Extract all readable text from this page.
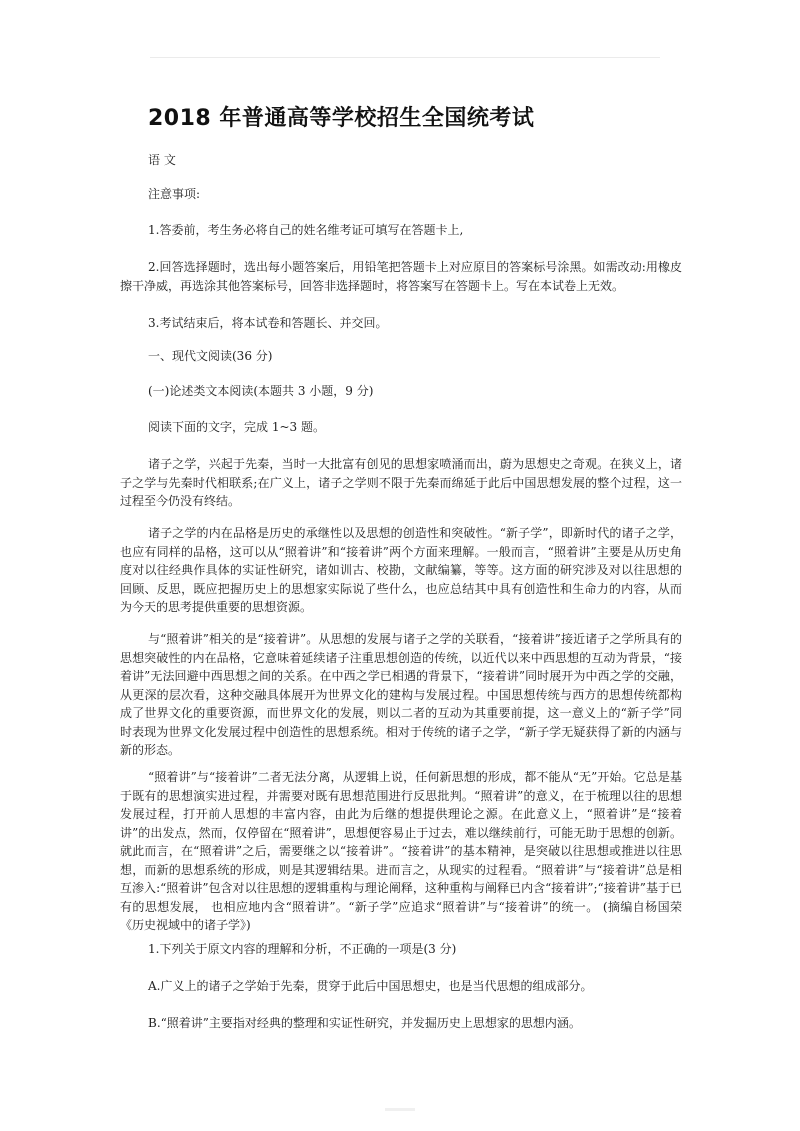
2018 年普通高等学校招生全国统考试
语 文
注意事项:
1.答委前，考生务必将自己的姓名维考证可填写在答题卡上,
2.回答选择题时，选出每小题答案后，用铅笔把答题卡上对应原目的答案标号涂黑。如需改动:用橡皮擦干净威，再选涂其他答案标号，回答非选择题时，将答案写在答题卡上。写在本试卷上无效。
3.考试结束后，将本试卷和答题长、并交回。
一、现代文阅读(36 分)
(一)论述类文本阅读(本题共 3 小题，9 分)
阅读下面的文字，完成 1~3 题。
诸子之学，兴起于先秦，当时一大批富有创见的思想家喷涌而出，蔚为思想史之奇观。在狭义上，诸子之学与先秦时代相联系;在广义上，诸子之学则不限于先秦而绵延于此后中国思想发展的整个过程，这一过程至今仍没有终结。
诸子之学的内在品格是历史的承继性以及思想的创造性和突破性。“新子学”，即新时代的诸子之学，也应有同样的品格，这可以从“照着讲”和“接着讲”两个方面来理解。一般而言，“照着讲”主要是从历史角度对以往经典作具体的实证性研究，诸如训古、校勘，文献编纂，等等。这方面的研究涉及对以往思想的回顾、反思，既应把握历史上的思想家实际说了些什么，也应总结其中具有创造性和生命力的内容，从而为今天的思考提供重要的思想资源。
与“照着讲”相关的是“接着讲”。从思想的发展与诸子之学的关联看，“接着讲”接近诸子之学所具有的思想突破性的内在品格，它意味着延续诸子注重思想创造的传统，以近代以来中西思想的互动为背景，“接着讲”无法回避中西思想之间的关系。在中西之学已相遇的背景下，“接着讲”同时展开为中西之学的交融，从更深的层次看，这种交融具体展开为世界文化的建构与发展过程。中国思想传统与西方的思想传统都构成了世界文化的重要资源，而世界文化的发展，则以二者的互动为其重要前提，这一意义上的“新子学”同时表现为世界文化发展过程中创造性的思想系统。相对于传统的诸子之学，“新子学无疑获得了新的内涵与新的形态。
“照着讲”与“接着讲”二者无法分离，从逻辑上说，任何新思想的形成，都不能从“无”开始。它总是基于既有的思想演实进过程，并需要对既有思想范围进行反思批判。“照着讲”的意义，在于梳理以往的思想发展过程，打开前人思想的丰富内容，由此为后继的想提供理论之源。在此意义上，“照着讲”是“接着讲”的出发点，然而，仅停留在“照着讲”，思想便容易止于过去，难以继续前行，可能无助于思想的创新。就此而言，在“照着讲”之后，需要继之以“接着讲”。“接着讲”的基本精神，是突破以往思想或推进以往思想，而新的思想系统的形成，则是其逻辑结果。进而言之，从现实的过程看。“照着讲”与“接着讲”总是相互渗入:“照着讲”包含对以往思想的逻辑重构与理论阐释，这种重构与阐释已内含“接着讲”;“接着讲”基于已有的思想发展， 也相应地内含“照着讲”。“新子学”应追求“照着讲”与“接着讲”的统一。 (摘编自杨国荣《历史视域中的诸子学》)
1.下列关于原文内容的理解和分析，不正确的一项是(3 分)
A.广义上的诸子之学始于先秦，贯穿于此后中国思想史，也是当代思想的组成部分。
B.“照着讲”主要指对经典的整理和实证性研究，并发掘历史上思想家的思想内涵。
